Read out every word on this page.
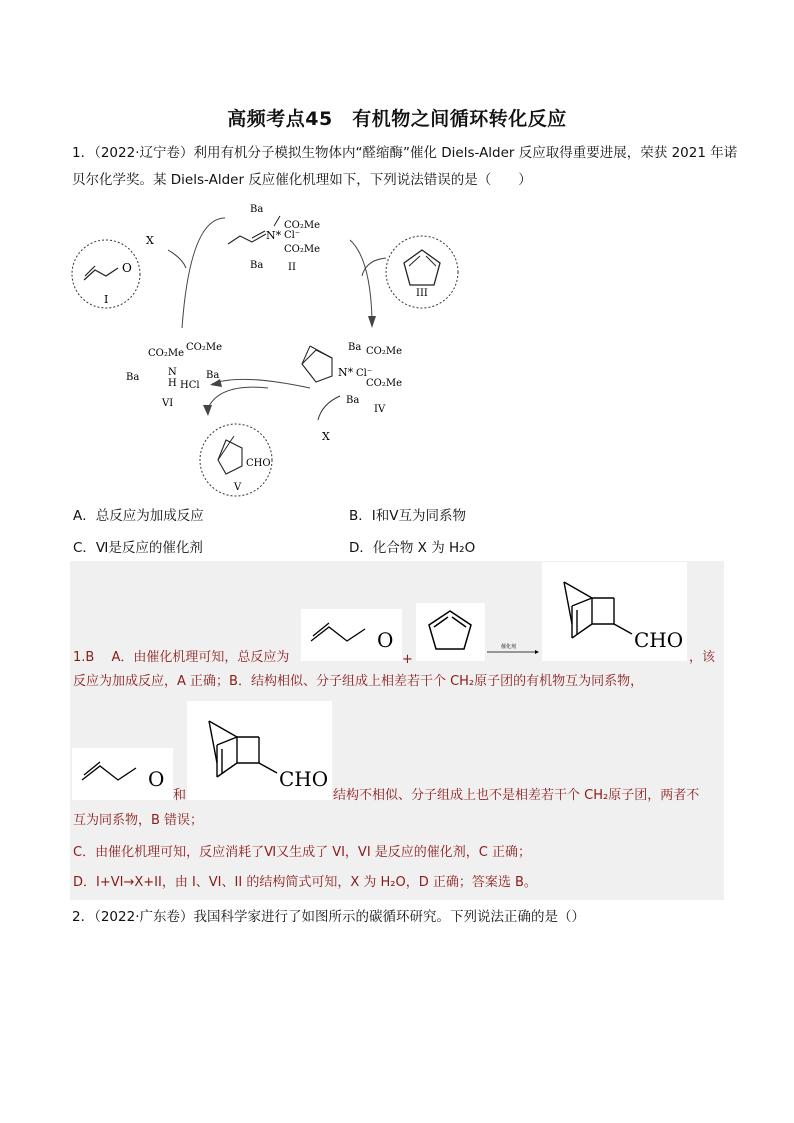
高频考点45　有机物之间循环转化反应
1．（2022·辽宁卷）利用有机分子模拟生物体内“醛缩酶”催化 Diels-Alder 反应取得重要进展，荣获 2021 年诺
贝尔化学奖。某 Diels-Alder 反应催化机理如下，下列说法错误的是（　　）
O
I
X	N*
Ba
CO₂Me
Cl⁻
CO₂Me
Ba II
III
Ba CO₂Me
N* Cl⁻
CO₂Me
Ba
IV
CO₂Me
CO₂Me
Ba	N
H
Ba
HCl
VI
X
CHO
V
A．总反应为加成反应	B．Ⅰ和Ⅴ互为同系物
C．Ⅵ是反应的催化剂	D．化合物 X 为 H₂O
O
+
催化剂	CHO
1.B　 A．由催化机理可知，总反应为	，该
反应为加成反应，A 正确；B．结构相似、分子组成上相差若干个 CH₂原子团的有机物互为同系物，
O
和
CHO
结构不相似、分子组成上也不是相差若干个 CH₂原子团，两者不
互为同系物，B 错误；
C．由催化机理可知，反应消耗了Ⅵ又生成了 VI，VI 是反应的催化剂，C 正确；
D．I+VI→X+II，由 I、VI、II 的结构简式可知，X 为 H₂O，D 正确；答案选 B。
2．（2022·广东卷）我国科学家进行了如图所示的碳循环研究。下列说法正确的是（）
